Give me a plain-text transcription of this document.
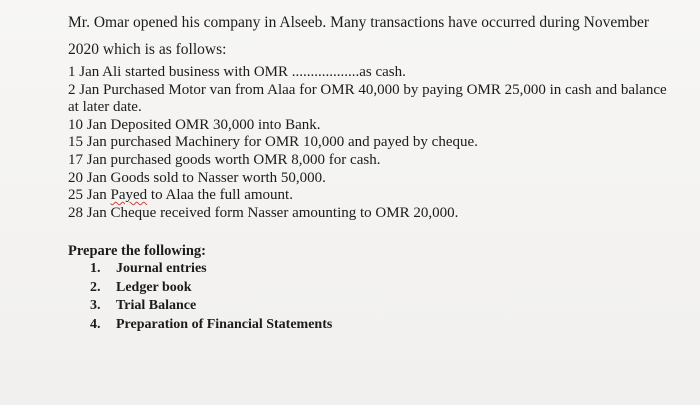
Mr. Omar opened his company in Alseeb. Many transactions have occurred during November
2020 which is as follows:
1 Jan Ali started business with OMR ..................as cash.
2 Jan Purchased Motor van from Alaa for OMR 40,000 by paying OMR 25,000 in cash and balance at later date.
10 Jan Deposited OMR 30,000 into Bank.
15 Jan purchased Machinery for OMR 10,000 and payed by cheque.
17 Jan purchased goods worth OMR 8,000 for cash.
20 Jan Goods sold to Nasser worth 50,000.
25 Jan Payed to Alaa the full amount.
28 Jan Cheque received form Nasser amounting to OMR 20,000.
Prepare the following:
1. Journal entries
2. Ledger book
3. Trial Balance
4. Preparation of Financial Statements
